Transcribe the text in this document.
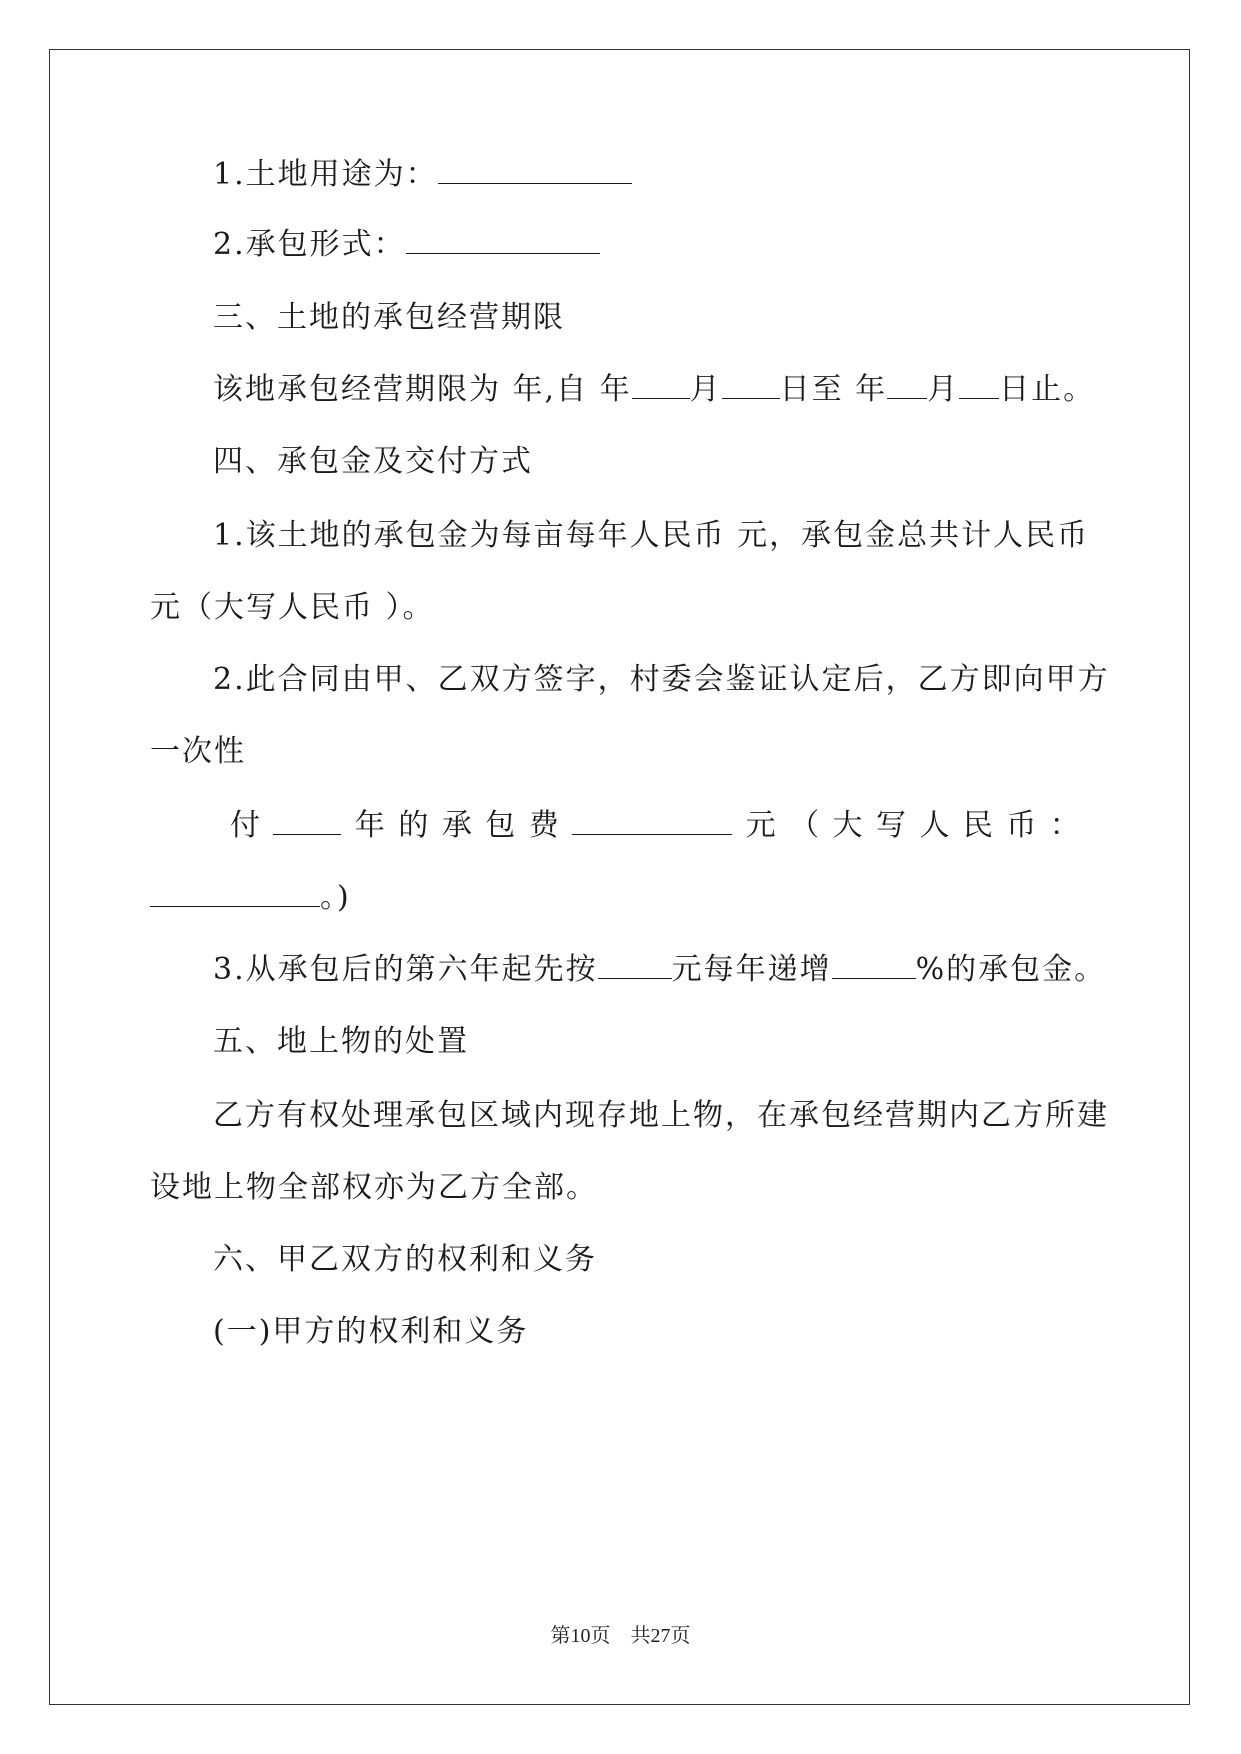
1.土地用途为：
2.承包形式：
三、土地的承包经营期限
该地承包经营期限为 年,自 年 月 日至 年 月 日止。
四、承包金及交付方式
1.该土地的承包金为每亩每年人民币 元，承包金总共计人民币
元（大写人民币 ）。
2.此合同由甲、乙双方签字，村委会鉴证认定后，乙方即向甲方
一次性
付	年 的 承 包 费	元 （ 大 写 人 民 币 ：
。)
3.从承包后的第六年起先按 元每年递增	%的承包金。
五、地上物的处置
乙方有权处理承包区域内现存地上物，在承包经营期内乙方所建
设地上物全部权亦为乙方全部。
六、甲乙双方的权利和义务
(一)甲方的权利和义务
第10页　共27页
